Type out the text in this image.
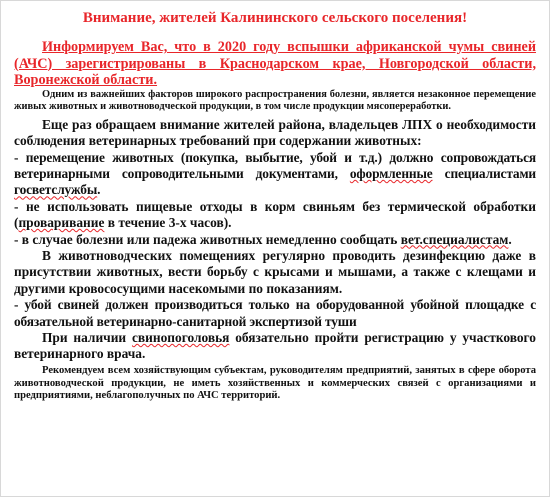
Внимание, жителей Калининского сельского поселения!

Информируем Вас, что в 2020 году вспышки африканской чумы свиней (АЧС) зарегистрированы в Краснодарском крае, Новгородской области, Воронежской области.

Одним из важнейших факторов широкого распространения болезни, является незаконное перемещение живых животных и животноводческой продукции, в том числе продукции мясопереработки.

Еще раз обращаем внимание жителей района, владельцев ЛПХ о необходимости соблюдения ветеринарных требований при содержании животных:

- перемещение животных (покупка, выбытие, убой и т.д.) должно сопровождаться ветеринарными сопроводительными документами, оформленные специалистами госветслужбы.

- не использовать пищевые отходы в корм свиньям без термической обработки (проваривание в течение 3-х часов).

- в случае болезни или падежа животных немедленно сообщать вет.специалистам.

В животноводческих помещениях регулярно проводить дезинфекцию даже в присутствии животных, вести борьбу с крысами и мышами, а также с клещами и другими кровососущими насекомыми по показаниям.

- убой свиней должен производиться только на оборудованной убойной площадке с обязательной ветеринарно-санитарной экспертизой туши

При наличии свинопоголовья обязательно пройти регистрацию у участкового ветеринарного врача.

Рекомендуем всем хозяйствующим субъектам, руководителям предприятий, занятых в сфере оборота животноводческой продукции, не иметь хозяйственных и коммерческих связей с организациями и предприятиями, неблагополучных по АЧС территорий.
